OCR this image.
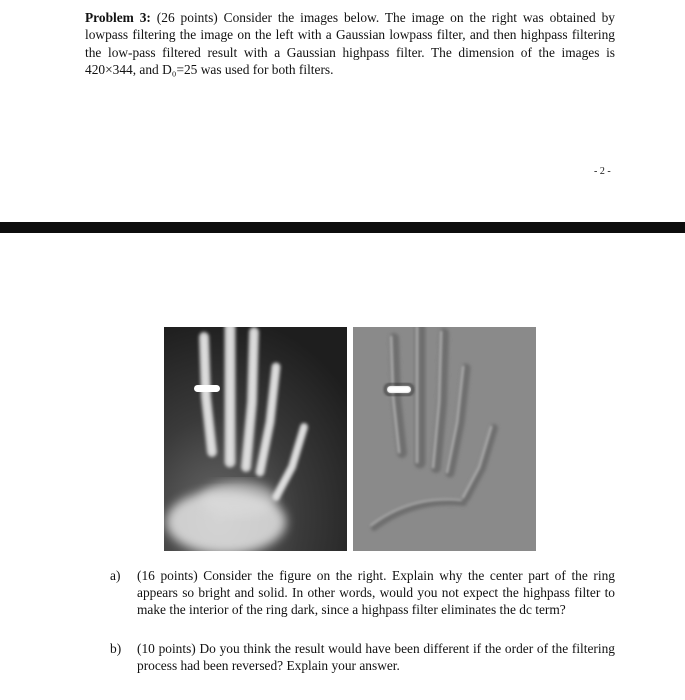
Problem 3: (26 points) Consider the images below. The image on the right was obtained by lowpass filtering the image on the left with a Gaussian lowpass filter, and then highpass filtering the low-pass filtered result with a Gaussian highpass filter. The dimension of the images is 420×344, and D₀=25 was used for both filters.

- 2 -
a) (16 points) Consider the figure on the right. Explain why the center part of the ring appears so bright and solid. In other words, would you not expect the highpass filter to make the interior of the ring dark, since a highpass filter eliminates the dc term?
b) (10 points) Do you think the result would have been different if the order of the filtering process had been reversed? Explain your answer.
